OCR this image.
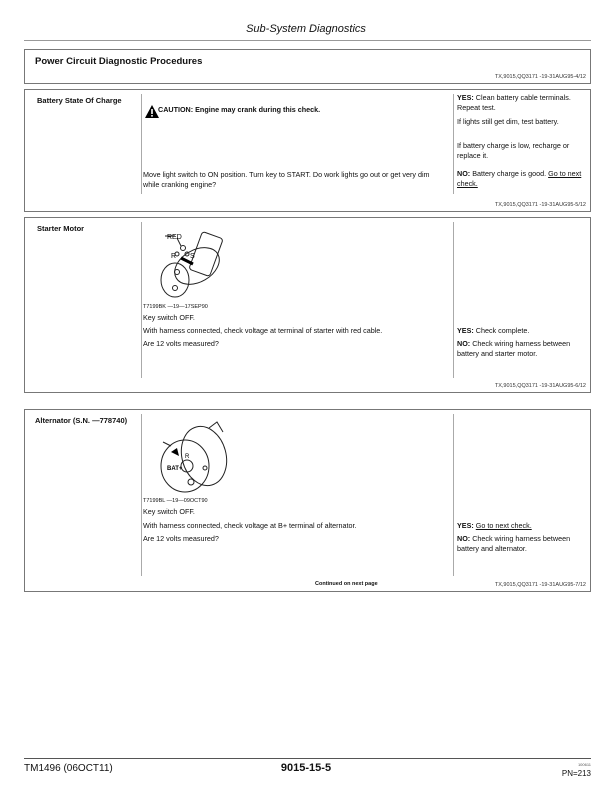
Sub-System Diagnostics
Power Circuit Diagnostic Procedures
TX,9015,QQ3171 -19-31AUG95-4/12
Battery State Of Charge
CAUTION: Engine may crank during this check.
Move light switch to ON position. Turn key to START. Do work lights go out or get very dim while cranking engine?
YES: Clean battery cable terminals. Repeat test.
If lights still get dim, test battery.
If battery charge is low, recharge or replace it.
NO: Battery charge is good. Go to next check.
TX,9015,QQ3171 -19-31AUG95-5/12
Starter Motor
RED
R S
T7199BK —19—17SEP90
Key switch OFF.
With harness connected, check voltage at terminal of starter with red cable.
Are 12 volts measured?
YES: Check complete.
NO: Check wiring harness between battery and starter motor.
TX,9015,QQ3171 -19-31AUG95-6/12
Alternator (S.N. —778740)
BAT+
R
T7199BL —19—09OCT90
Key switch OFF.
With harness connected, check voltage at B+ terminal of alternator.
Are 12 volts measured?
YES: Go to next check.
NO: Check wiring harness between battery and alternator.
Continued on next page	TX,9015,QQ3171 -19-31AUG95-7/12
TM1496 (06OCT11)	9015-15-5	100611
PN=213
